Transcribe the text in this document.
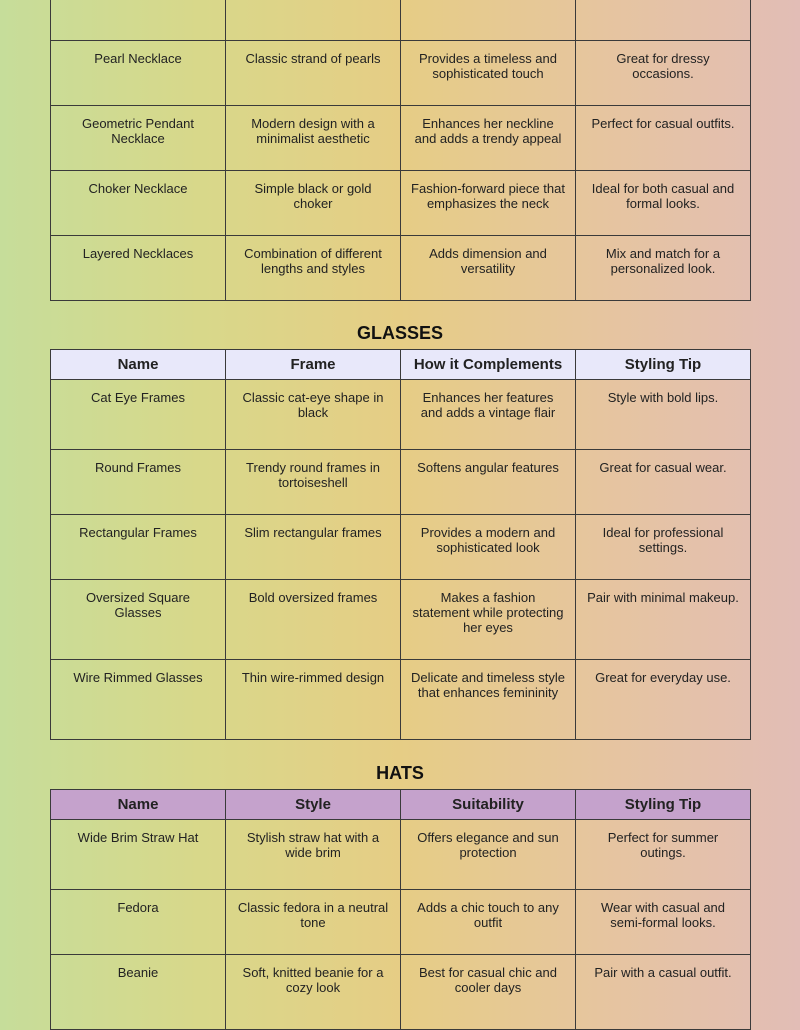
Pearl Necklace	Classic strand of pearls	Provides a timeless and sophisticated touch	Great for dressy occasions.
Geometric Pendant Necklace	Modern design with a minimalist aesthetic	Enhances her neckline and adds a trendy appeal	Perfect for casual outfits.
Choker Necklace	Simple black or gold choker	Fashion-forward piece that emphasizes the neck	Ideal for both casual and formal looks.
Layered Necklaces	Combination of different lengths and styles	Adds dimension and versatility	Mix and match for a personalized look.
GLASSES
Name	Frame	How it Complements	Styling Tip
Cat Eye Frames	Classic cat-eye shape in black	Enhances her features and adds a vintage flair	Style with bold lips.
Round Frames	Trendy round frames in tortoiseshell	Softens angular features	Great for casual wear.
Rectangular Frames	Slim rectangular frames	Provides a modern and sophisticated look	Ideal for professional settings.
Oversized Square Glasses	Bold oversized frames	Makes a fashion statement while protecting her eyes	Pair with minimal makeup.
Wire Rimmed Glasses	Thin wire-rimmed design	Delicate and timeless style that enhances femininity	Great for everyday use.
HATS
Name	Style	Suitability	Styling Tip
Wide Brim Straw Hat	Stylish straw hat with a wide brim	Offers elegance and sun protection	Perfect for summer outings.
Fedora	Classic fedora in a neutral tone	Adds a chic touch to any outfit	Wear with casual and semi-formal looks.
Beanie	Soft, knitted beanie for a cozy look	Best for casual chic and cooler days	Pair with a casual outfit.
